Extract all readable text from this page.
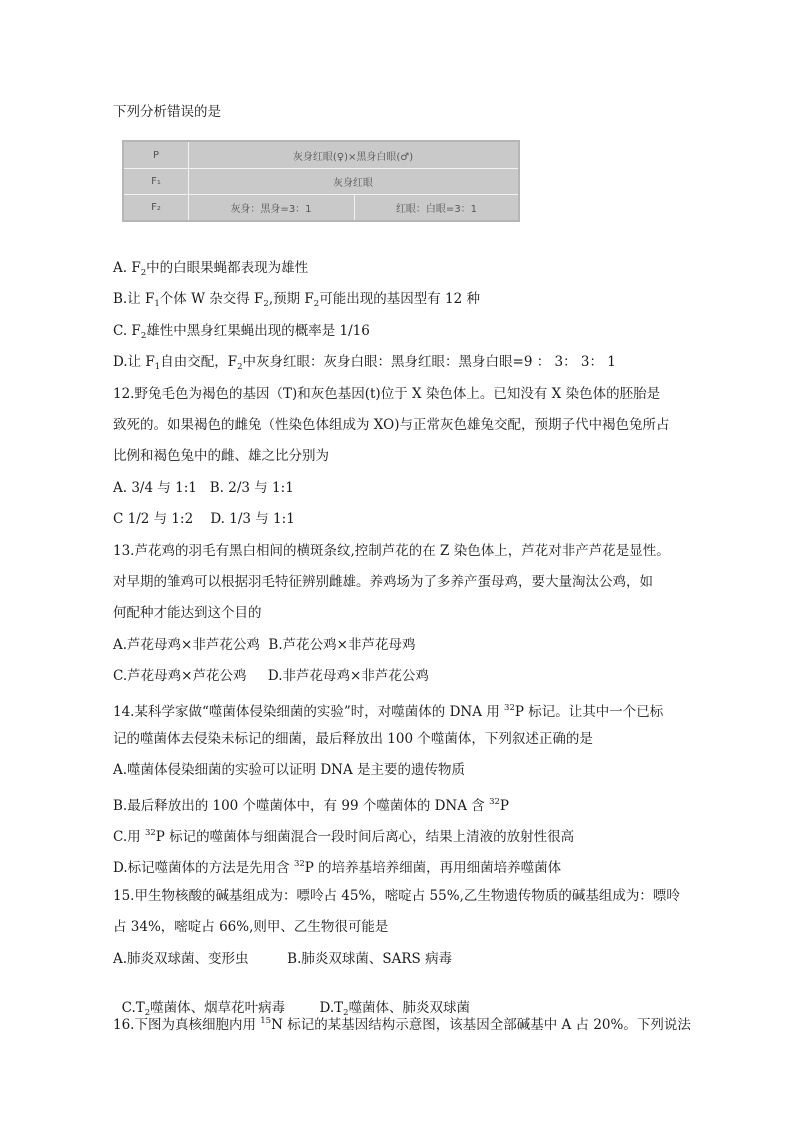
下列分析错误的是
P	灰身红眼(♀)×黑身白眼(♂)
F₁	灰身红眼
F₂	灰身：黑身=3：1	红眼：白眼=3：1
A. $F_2$中的白眼果蝇都表现为雄性
B.让 $F_1$个体 W 杂交得 $F_2$,预期 $F_2$可能出现的基因型有 12 种
C. $F_2$雄性中黑身红果蝇出现的概率是 1/16
D.让 $F_1$自由交配，$F_2$中灰身红眼：灰身白眼：黑身红眼：黑身白眼=9 ： 3： 3： 1
12.野兔毛色为褐色的基因（T)和灰色基因(t)位于 X 染色体上。已知没有 X 染色体的胚胎是
致死的。如果褐色的雌兔（性染色体组成为 XO)与正常灰色雄兔交配，预期子代中褐色兔所占
比例和褐色兔中的雌、雄之比分别为
A. 3/4 与 1:1   B. 2/3 与 1:1
C 1/2 与 1:2    D. 1/3 与 1:1
13.芦花鸡的羽毛有黑白相间的横斑条纹,控制芦花的在 Z 染色体上，芦花对非产芦花是显性。
对早期的雏鸡可以根据羽毛特征辨别雌雄。养鸡场为了多养产蛋母鸡，要大量淘汰公鸡，如
何配种才能达到这个目的
A.芦花母鸡×非芦花公鸡  B.芦花公鸡×非芦花母鸡
C.芦花母鸡×芦花公鸡     D.非芦花母鸡×非芦花公鸡
14.某科学家做“噬菌体侵染细菌的实验”时，对噬菌体的 DNA 用 $^{32}$P 标记。让其中一个已标
记的噬菌体去侵染未标记的细菌，最后释放出 100 个噬菌体，下列叙述正确的是
A.噬菌体侵染细菌的实验可以证明 DNA 是主要的遗传物质
B.最后释放出的 100 个噬菌体中，有 99 个噬菌体的 DNA 含 $^{32}$P
C.用 $^{32}$P 标记的噬菌体与细菌混合一段时间后离心，结果上清液的放射性很高
D.标记噬菌体的方法是先用含 $^{32}$P 的培养基培养细菌，再用细菌培养噬菌体
15.甲生物核酸的碱基组成为：嘌呤占 45%，嘧啶占 55%,乙生物遗传物质的碱基组成为：嘌呤
占 34%，嘧啶占 66%,则甲、乙生物很可能是
A.肺炎双球菌、变形虫         B.肺炎双球菌、SARS 病毒

$C.T_2$噬菌体、烟草花叶病毒        $D.T_2$噬菌体、肺炎双球菌

16.下图为真核细胞内用 $^{15}$N 标记的某基因结构示意图，该基因全部碱基中 A 占 20%。下列说法
